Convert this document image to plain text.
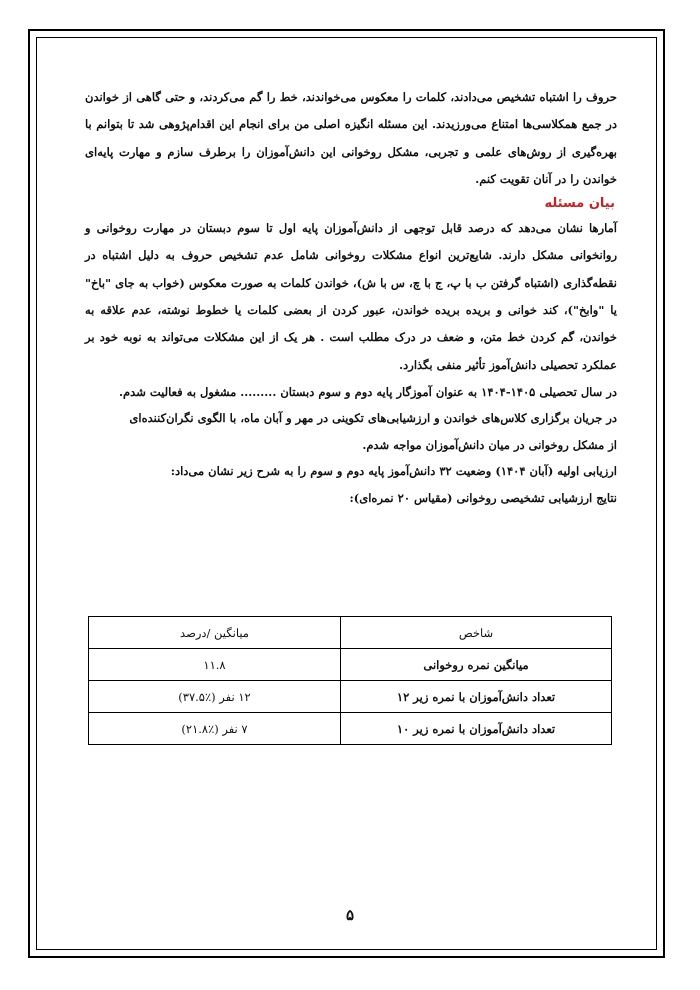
حروف را اشتباه تشخیص می‌دادند، کلمات را معکوس می‌خواندند، خط را گم می‌کردند، و حتی گاهی از خواندن در جمع همکلاسی‌ها امتناع می‌ورزیدند. این مسئله انگیزه اصلی من برای انجام این اقدام‌پژوهی شد تا بتوانم با بهره‌گیری از روش‌های علمی و تجربی، مشکل روخوانی این دانش‌آموزان را برطرف سازم و مهارت پایه‌ای خواندن را در آنان تقویت کنم.

بیان مسئله

آمارها نشان می‌دهد که درصد قابل توجهی از دانش‌آموزان پایه اول تا سوم دبستان در مهارت روخوانی و روانخوانی مشکل دارند. شایع‌ترین انواع مشکلات روخوانی شامل عدم تشخیص حروف به دلیل اشتباه در نقطه‌گذاری (اشتباه گرفتن ب با پ، ج با چ، س با ش)، خواندن کلمات به صورت معکوس (خواب به جای "باخ" یا "وابخ")، کند خوانی و بریده بریده خواندن، عبور کردن از بعضی کلمات یا خطوط نوشته، عدم علاقه به خواندن، گم کردن خط متن، و ضعف در درک مطلب است . هر یک از این مشکلات می‌تواند به نوبه خود بر عملکرد تحصیلی دانش‌آموز تأثیر منفی بگذارد.

در سال تحصیلی ۱۴۰۵-۱۴۰۴ به عنوان آموزگار پایه دوم و سوم دبستان ......... مشغول به فعالیت شدم.

در جریان برگزاری کلاس‌های خواندن و ارزشیابی‌های تکوینی در مهر و آبان ماه، با الگوی نگران‌کننده‌ای

از مشکل روخوانی در میان دانش‌آموزان مواجه شدم.

ارزیابی اولیه (آبان ۱۴۰۴) وضعیت ۳۲ دانش‌آموز پایه دوم و سوم را به شرح زیر نشان می‌داد:

نتایج ارزشیابی تشخیصی روخوانی (مقیاس ۲۰ نمره‌ای):

شاخص	میانگین /درصد
میانگین نمره روخوانی	۱۱.۸
تعداد دانش‌آموزان با نمره زیر ۱۲	۱۲ نفر (٪۳۷.۵)
تعداد دانش‌آموزان با نمره زیر ۱۰	۷ نفر (٪۲۱.۸)
۵
